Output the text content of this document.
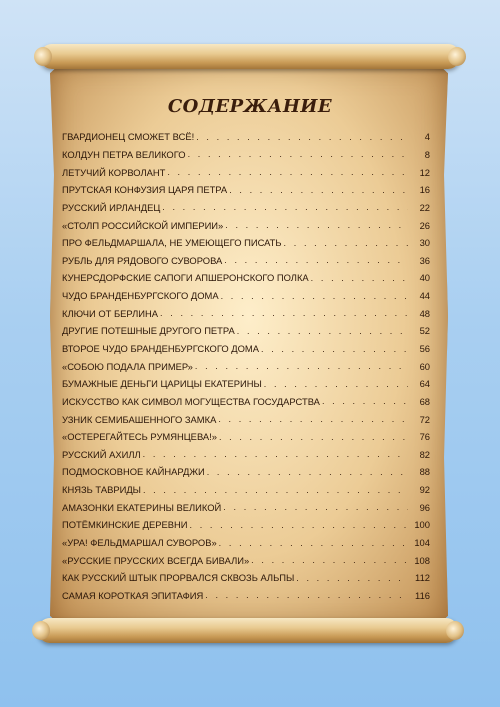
СОДЕРЖАНИЕ
ГВАРДИОНЕЦ СМОЖЕТ ВСЁ! . . .	4
КОЛДУН ПЕТРА ВЕЛИКОГО . . .	8
ЛЕТУЧИЙ КОРВОЛАНТ . . .	12
ПРУТСКАЯ КОНФУЗИЯ ЦАРЯ ПЕТРА . . .	16
РУССКИЙ ИРЛАНДЕЦ . . .	22
«СТОЛП РОССИЙСКОЙ ИМПЕРИИ» . . .	26
ПРО ФЕЛЬДМАРШАЛА, НЕ УМЕЮЩЕГО ПИСАТЬ . . .	30
РУБЛЬ ДЛЯ РЯДОВОГО СУВОРОВА . . .	36
КУНЕРСДОРФСКИЕ САПОГИ АПШЕРОНСКОГО ПОЛКА . . .	40
ЧУДО БРАНДЕНБУРГСКОГО ДОМА . . .	44
КЛЮЧИ ОТ БЕРЛИНА . . .	48
ДРУГИЕ ПОТЕШНЫЕ ДРУГОГО ПЕТРА . . .	52
ВТОРОЕ ЧУДО БРАНДЕНБУРГСКОГО ДОМА . . .	56
«СОБОЮ ПОДАЛА ПРИМЕР» . . .	60
БУМАЖНЫЕ ДЕНЬГИ ЦАРИЦЫ ЕКАТЕРИНЫ . . .	64
ИСКУССТВО КАК СИМВОЛ МОГУЩЕСТВА ГОСУДАРСТВА . . .	68
УЗНИК СЕМИБАШЕННОГО ЗАМКА . . .	72
«ОСТЕРЕГАЙТЕСЬ РУМЯНЦЕВА!» . . .	76
РУССКИЙ АХИЛЛ . . .	82
ПОДМОСКОВНОЕ КАЙНАРДЖИ . . .	88
КНЯЗЬ ТАВРИДЫ . . .	92
АМАЗОНКИ ЕКАТЕРИНЫ ВЕЛИКОЙ . . .	96
ПОТЁМКИНСКИЕ ДЕРЕВНИ . . .	100
«УРА! ФЕЛЬДМАРШАЛ СУВОРОВ» . . .	104
«РУССКИЕ ПРУССКИХ ВСЕГДА БИВАЛИ» . . .	108
КАК РУССКИЙ ШТЫК ПРОРВАЛСЯ СКВОЗЬ АЛЬПЫ . . .	112
САМАЯ КОРОТКАЯ ЭПИТАФИЯ . . .	116
